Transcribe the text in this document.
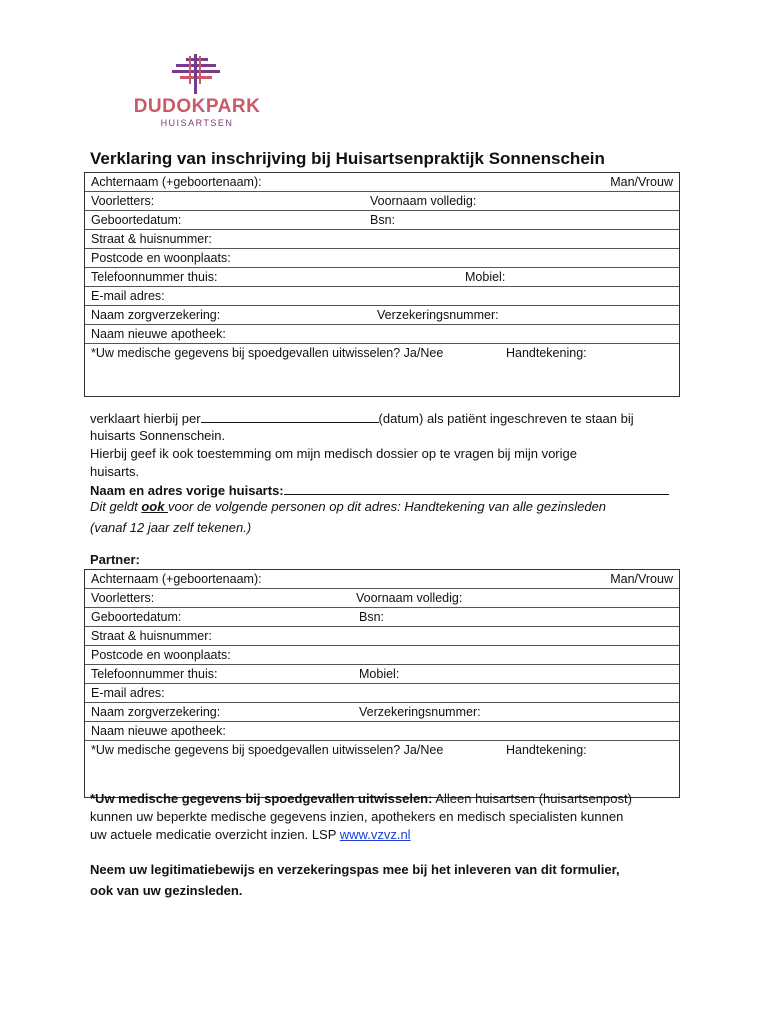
DUDOKPARK
HUISARTSEN
Verklaring van inschrijving bij Huisartsenpraktijk Sonnenschein
Achternaam (+geboortenaam):	Man/Vrouw
Voorletters:	Voornaam volledig:
Geboortedatum:	Bsn:
Straat & huisnummer:
Postcode en woonplaats:
Telefoonnummer thuis:	Mobiel:
E-mail adres:
Naam zorgverzekering:	Verzekeringsnummer:
Naam nieuwe apotheek:
*Uw medische gegevens bij spoedgevallen uitwisselen? Ja/Nee	Handtekening:
verklaart hierbij per	(datum) als patiënt ingeschreven te staan bij
huisarts Sonnenschein.
Hierbij geef ik ook toestemming om mijn medisch dossier op te vragen bij mijn vorige
huisarts.
Naam en adres vorige huisarts:
Dit geldt ook voor de volgende personen op dit adres: Handtekening van alle gezinsleden
(vanaf 12 jaar zelf tekenen.)
Partner:
Achternaam (+geboortenaam):	Man/Vrouw
Voorletters:	Voornaam volledig:
Geboortedatum:	Bsn:
Straat & huisnummer:
Postcode en woonplaats:
Telefoonnummer thuis:	Mobiel:
E-mail adres:
Naam zorgverzekering:	Verzekeringsnummer:
Naam nieuwe apotheek:
*Uw medische gegevens bij spoedgevallen uitwisselen? Ja/Nee	Handtekening:
*Uw medische gegevens bij spoedgevallen uitwisselen: Alleen huisartsen (huisartsenpost)
kunnen uw beperkte medische gegevens inzien, apothekers en medisch specialisten kunnen
uw actuele medicatie overzicht inzien. LSP www.vzvz.nl
Neem uw legitimatiebewijs en verzekeringspas mee bij het inleveren van dit formulier,
ook van uw gezinsleden.
